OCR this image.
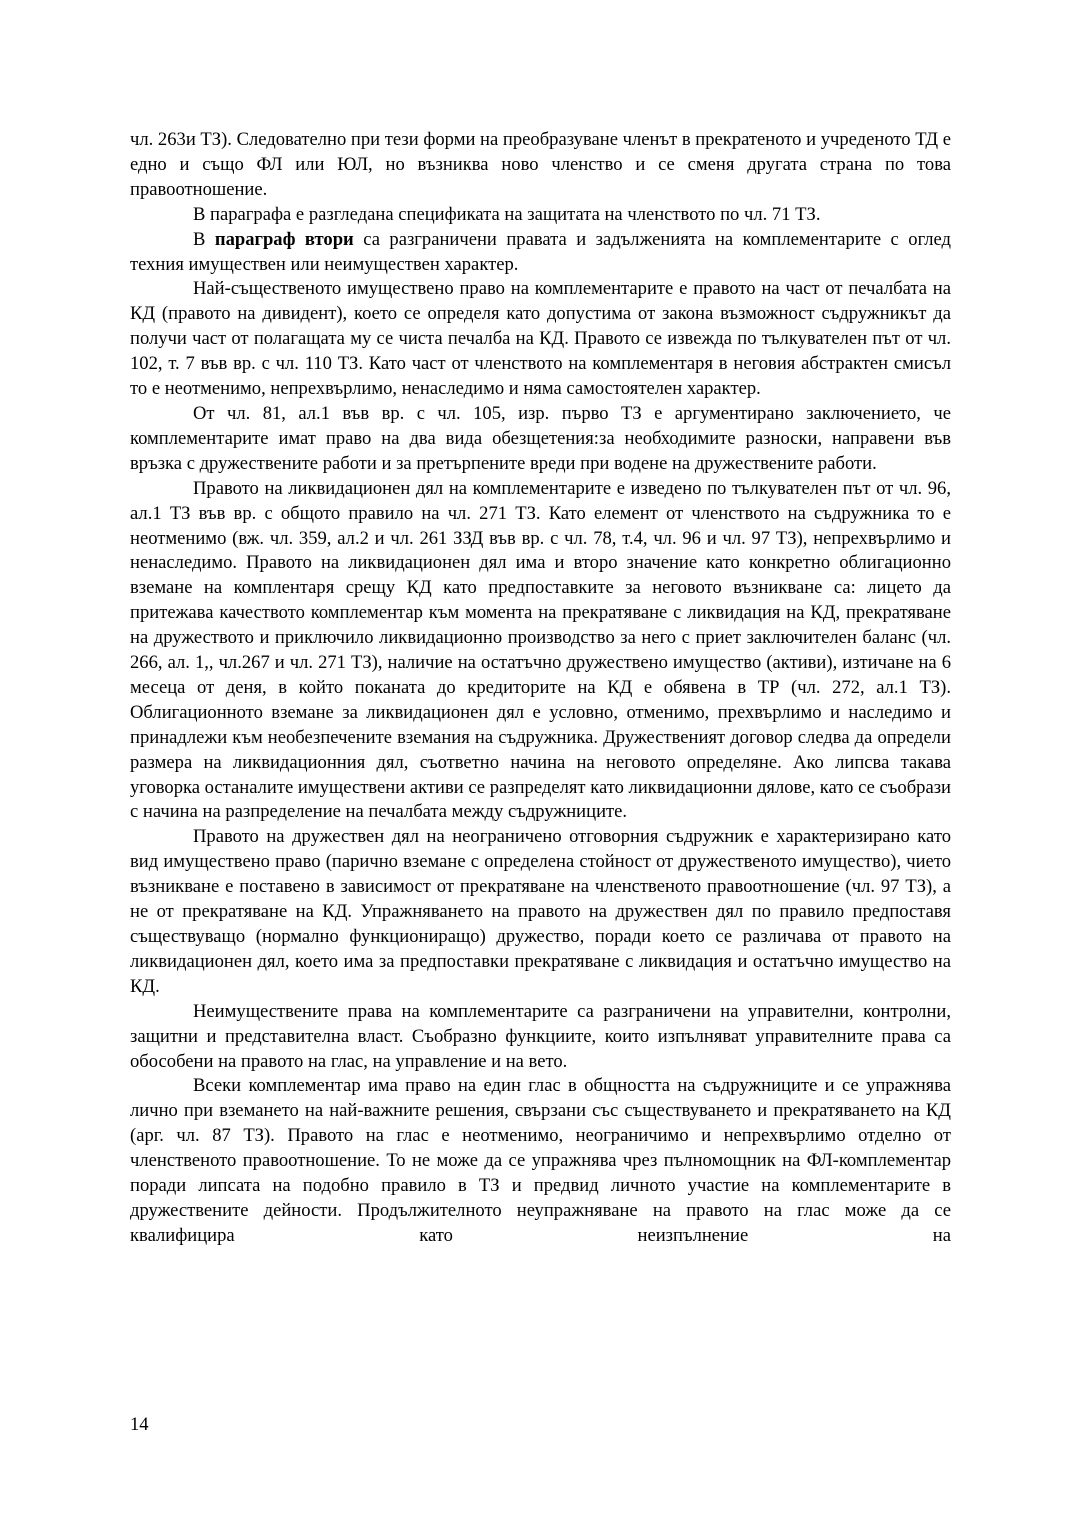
чл. 263и ТЗ). Следователно при тези форми на преобразуване членът в прекратеното и учреденото ТД е едно и също ФЛ или ЮЛ, но възниква ново членство и се сменя другата страна по това правоотношение.

В параграфа е разгледана спецификата на защитата на членството по чл. 71 ТЗ.

В параграф втори са разграничени правата и задълженията на комплементарите с оглед техния имуществен или неимуществен характер.

Най-същественото имуществено право на комплементарите е правото на част от печалбата на КД (правото на дивидент), което се определя като допустима от закона възможност съдружникът да получи част от полагащата му се чиста печалба на КД. Правото се извежда по тълкувателен път от чл. 102, т. 7 във вр. с чл. 110 ТЗ. Като част от членството на комплементаря в неговия абстрактен смисъл то е неотменимо, непрехвърлимо, ненаследимо и няма самостоятелен характер.

От чл. 81, ал.1 във вр. с чл. 105, изр. първо ТЗ е аргументирано заключението, че комплементарите имат право на два вида обезщетения:за необходимите разноски, направени във връзка с дружествените работи и за претърпените вреди при водене на дружествените работи.

Правото на ликвидационен дял на комплементарите е изведено по тълкувателен път от чл. 96, ал.1 ТЗ във вр. с общото правило на чл. 271 ТЗ. Като елемент от членството на съдружника то е неотменимо (вж. чл. 359, ал.2 и чл. 261 ЗЗД във вр. с чл. 78, т.4, чл. 96 и чл. 97 ТЗ), непрехвърлимо и ненаследимо. Правото на ликвидационен дял има и второ значение като конкретно облигационно вземане на комплентаря срещу КД като предпоставките за неговото възникване са: лицето да притежава качеството комплементар към момента на прекратяване с ликвидация на КД, прекратяване на дружеството и приключило ликвидационно производство за него с приет заключителен баланс (чл. 266, ал. 1,, чл.267 и чл. 271 ТЗ), наличие на остатъчно дружествено имущество (активи), изтичане на 6 месеца от деня, в който поканата до кредиторите на КД е обявена в ТР (чл. 272, ал.1 ТЗ). Облигационното вземане за ликвидационен дял е условно, отменимо, прехвърлимо и наследимо и принадлежи към необезпечените вземания на съдружника. Дружественият договор следва да определи размера на ликвидационния дял, съответно начина на неговото определяне. Ако липсва такава уговорка останалите имуществени активи се разпределят като ликвидационни дялове, като се съобрази с начина на разпределение на печалбата между съдружниците.

Правото на дружествен дял на неограничено отговорния съдружник е характеризирано като вид имуществено право (парично вземане с определена стойност от дружественото имущество), чието възникване е поставено в зависимост от прекратяване на членственото правоотношение (чл. 97 ТЗ), а не от прекратяване на КД. Упражняването на правото на дружествен дял по правило предпоставя съществуващо (нормално функциониращо) дружество, поради което се различава от правото на ликвидационен дял, което има за предпоставки прекратяване с ликвидация и остатъчно имущество на КД.

Неимуществените права на комплементарите са разграничени на управителни, контролни, защитни и представителна власт. Съобразно функциите, които изпълняват управителните права са обособени на правото на глас, на управление и на вето.

Всеки комплементар има право на един глас в общността на съдружниците и се упражнява лично при вземането на най-важните решения, свързани със съществуването и прекратяването на КД (арг. чл. 87 ТЗ). Правото на глас е неотменимо, неограничимо и непрехвърлимо отделно от членственото правоотношение. То не може да се упражнява чрез пълномощник на ФЛ-комплементар поради липсата на подобно правило в ТЗ и предвид личното участие на комплементарите в дружествените дейности. Продължителното неупражняване на правото на глас може да се квалифицира като неизпълнение на

14
